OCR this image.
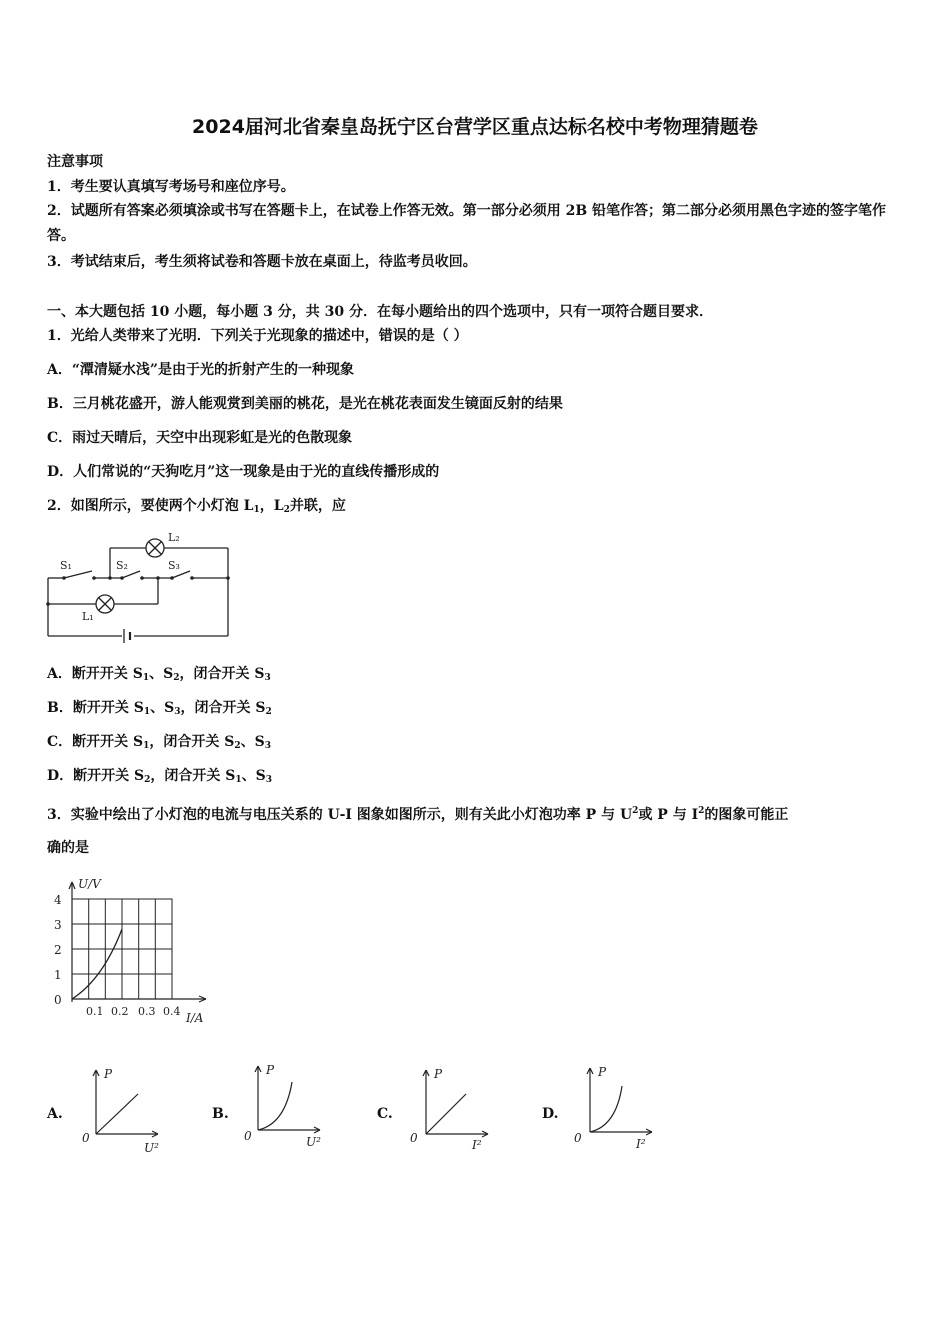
2024届河北省秦皇岛抚宁区台营学区重点达标名校中考物理猜题卷
注意事项
1．考生要认真填写考场号和座位序号。
2．试题所有答案必须填涂或书写在答题卡上，在试卷上作答无效。第一部分必须用 2B 铅笔作答；第二部分必须用黑色字迹的签字笔作答。
3．考试结束后，考生须将试卷和答题卡放在桌面上，待监考员收回。
一、本大题包括 10 小题，每小题 3 分，共 30 分．在每小题给出的四个选项中，只有一项符合题目要求．
1．光给人类带来了光明．下列关于光现象的描述中，错误的是（ ）
A．“潭清疑水浅”是由于光的折射产生的一种现象
B．三月桃花盛开，游人能观赏到美丽的桃花，是光在桃花表面发生镜面反射的结果
C．雨过天晴后，天空中出现彩虹是光的色散现象
D．人们常说的“天狗吃月”这一现象是由于光的直线传播形成的
2．如图所示，要使两个小灯泡 $L_1$，$L_2$并联，应
S₁	S₂	S₃
L₂
L₁
A．断开开关 $S_1$、$S_2$，闭合开关 $S_3$
B．断开开关 $S_1$、$S_3$，闭合开关 $S_2$
C．断开开关 $S_1$，闭合开关 $S_2$、$S_3$
D．断开开关 $S_2$，闭合开关 $S_1$、$S_3$
3．实验中绘出了小灯泡的电流与电压关系的 U-I 图象如图所示，则有关此小灯泡功率 P 与 $U^2$或 P 与 $I^2$的图象可能正
确的是
U/V
4
3
2
1
0
0.1 0.2 0.3 0.4 I/A
A.
P
0
U²
B.
P
0	U²
C.
P
0	I²
D.
P
0	I²
